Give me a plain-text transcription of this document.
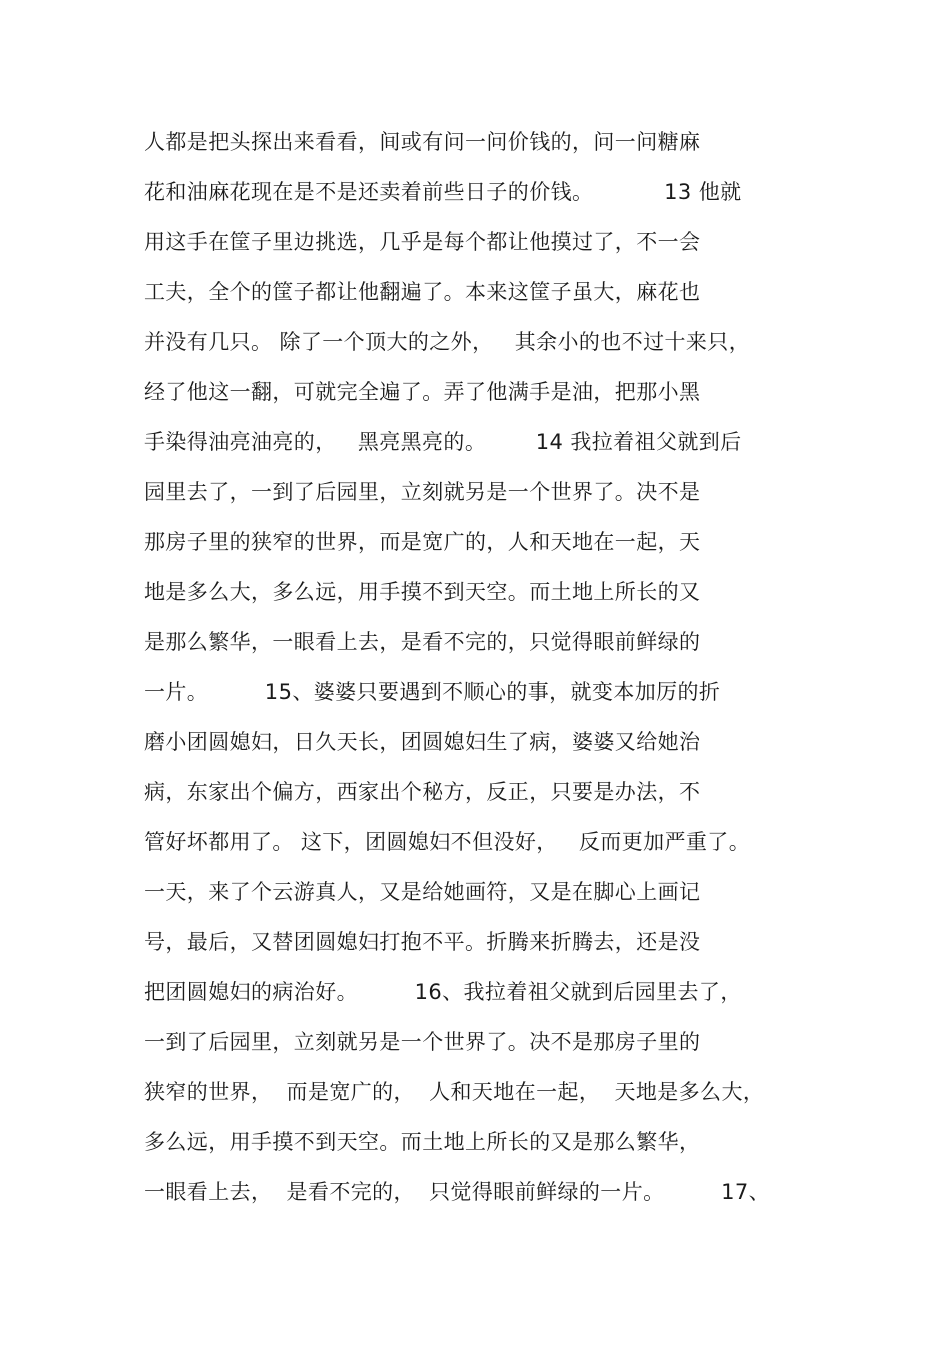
人都是把头探出来看看，间或有问一问价钱的，问一问糖麻
花和油麻花现在是不是还卖着前些日子的价钱。          13 他就
用这手在筐子里边挑选，几乎是每个都让他摸过了，不一会
工夫，全个的筐子都让他翻遍了。本来这筐子虽大，麻花也
并没有几只。 除了一个顶大的之外，   其余小的也不过十来只，
经了他这一翻，可就完全遍了。弄了他满手是油，把那小黑
手染得油亮油亮的，   黑亮黑亮的。       14 我拉着祖父就到后
园里去了，一到了后园里，立刻就另是一个世界了。决不是
那房子里的狭窄的世界，而是宽广的，人和天地在一起，天
地是多么大，多么远，用手摸不到天空。而土地上所长的又
是那么繁华，一眼看上去，是看不完的，只觉得眼前鲜绿的
一片。        15、婆婆只要遇到不顺心的事，就变本加厉的折
磨小团圆媳妇，日久天长，团圆媳妇生了病，婆婆又给她治
病，东家出个偏方，西家出个秘方，反正，只要是办法，不
管好坏都用了。 这下，团圆媳妇不但没好，   反而更加严重了。
一天，来了个云游真人，又是给她画符，又是在脚心上画记
号，最后，又替团圆媳妇打抱不平。折腾来折腾去，还是没
把团圆媳妇的病治好。        16、我拉着祖父就到后园里去了，
一到了后园里，立刻就另是一个世界了。决不是那房子里的
狭窄的世界，  而是宽广的，  人和天地在一起，  天地是多么大，
多么远，用手摸不到天空。而土地上所长的又是那么繁华，
一眼看上去，  是看不完的，  只觉得眼前鲜绿的一片。        17、
